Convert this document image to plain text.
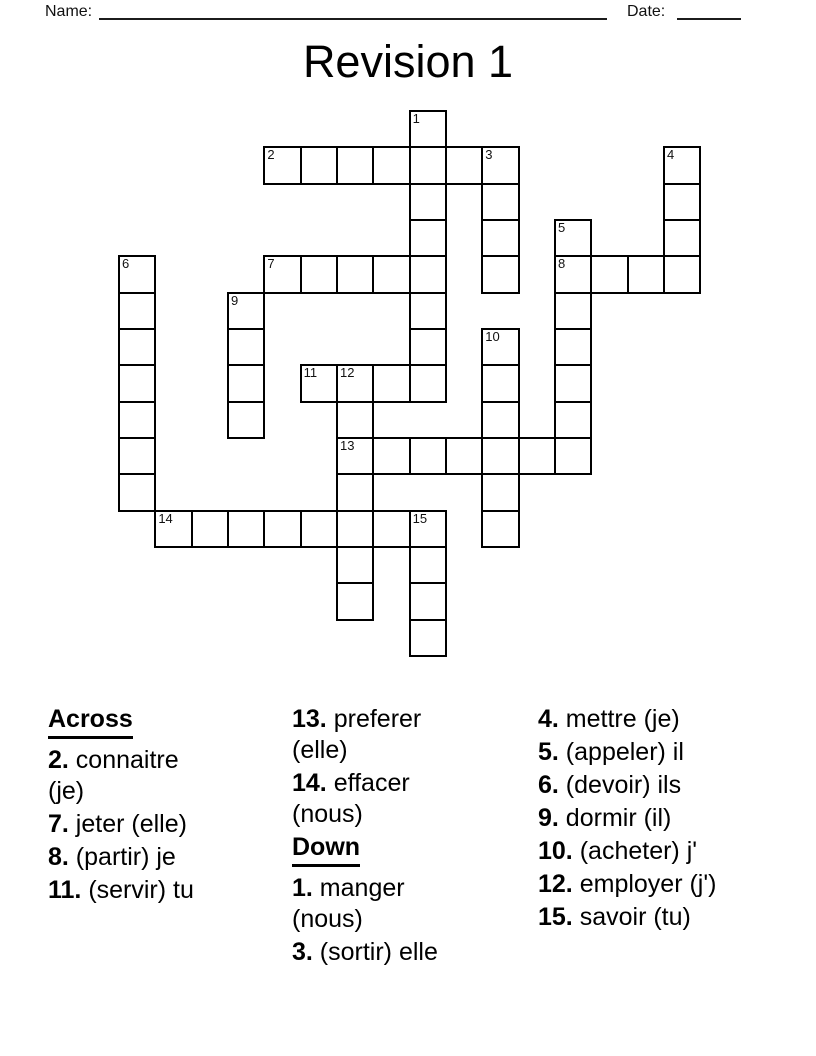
Name:	Date:
Revision 1
1
2	3	4
5
6	7	8
9
10
11 12
13
14	15
Across
2. connaitre
(je)
7. jeter (elle)
8. (partir) je
11. (servir) tu
13. preferer
(elle)
14. effacer
(nous)
Down
1. manger
(nous)
3. (sortir) elle
4. mettre (je)
5. (appeler) il
6. (devoir) ils
9. dormir (il)
10. (acheter) j'
12. employer (j')
15. savoir (tu)
